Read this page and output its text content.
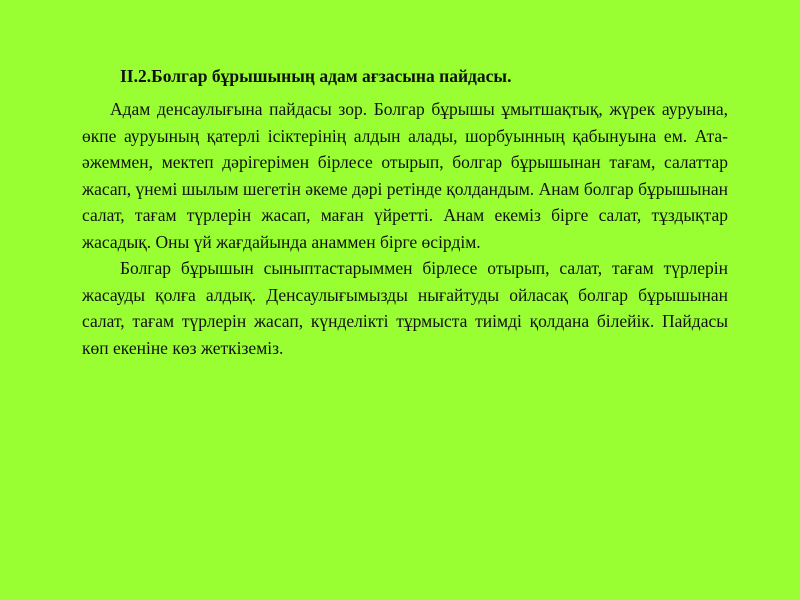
ІІ.2.Болгар бұрышының адам ағзасына пайдасы.

Адам денсаулығына пайдасы зор. Болгар бұрышы ұмытшақтық, жүрек ауруына, өкпе ауруының қатерлі ісіктерінің алдын алады, шорбуынның қабынуына ем. Ата-әжеммен, мектеп дәрігерімен бірлесе отырып, болгар бұрышынан тағам, салаттар жасап, үнемі шылым шегетін әкеме дәрі ретінде қолдандым. Анам болгар бұрышынан салат, тағам түрлерін жасап, маған үйретті. Анам екеміз бірге салат, тұздықтар жасадық. Оны үй жағдайында анаммен бірге өсірдім.

Болгар бұрышын сыныптастарыммен бірлесе отырып, салат, тағам түрлерін жасауды қолға алдық. Денсаулығымызды нығайтуды ойласақ болгар бұрышынан салат, тағам түрлерін жасап, күнделікті тұрмыста тиімді қолдана білейік. Пайдасы көп екеніне көз жеткіземіз.
